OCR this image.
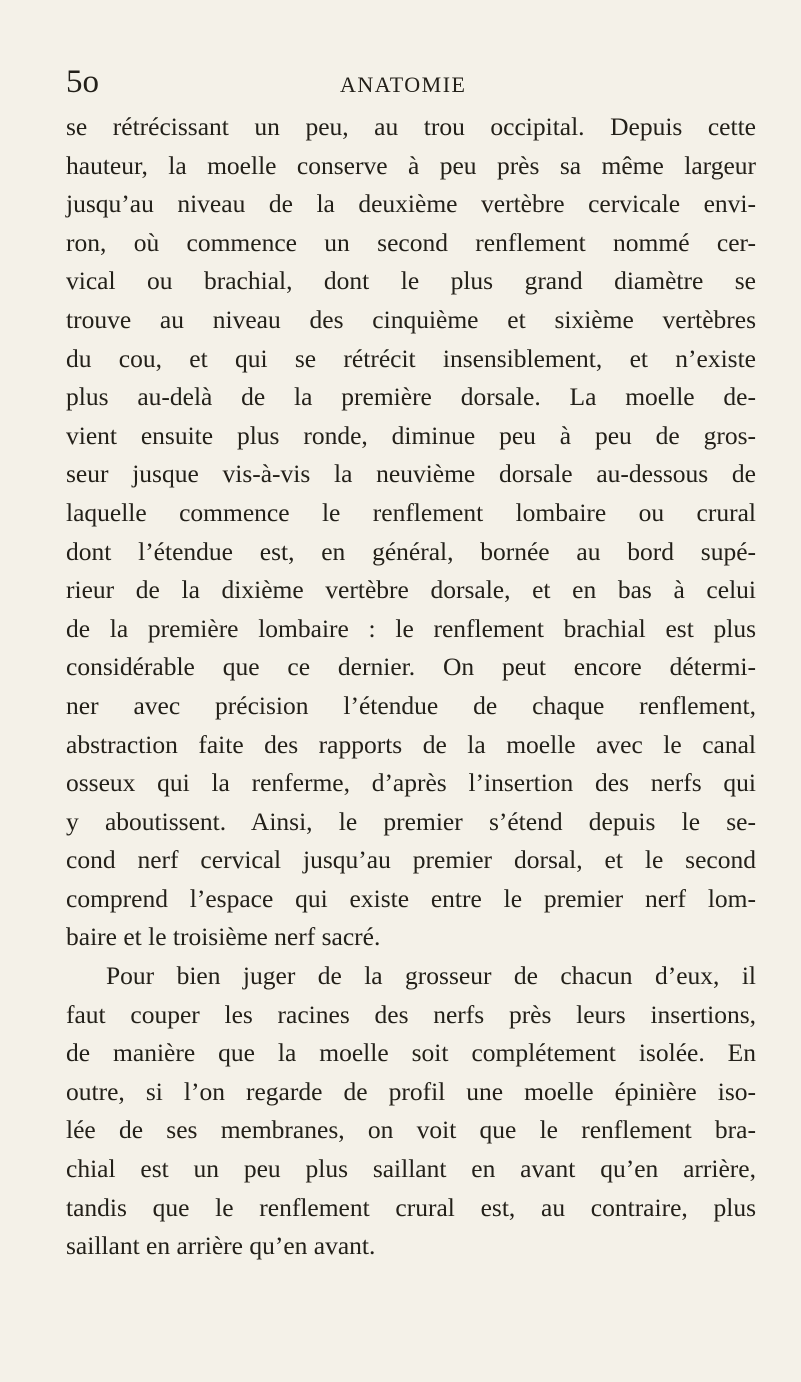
5o	ANATOMIE
se rétrécissant un peu, au trou occipital. Depuis cette
hauteur, la moelle conserve à peu près sa même largeur
jusqu’au niveau de la deuxième vertèbre cervicale envi-
ron, où commence un second renflement nommé cer-
vical ou brachial, dont le plus grand diamètre se
trouve au niveau des cinquième et sixième vertèbres
du cou, et qui se rétrécit insensiblement, et n’existe
plus au-delà de la première dorsale. La moelle de-
vient ensuite plus ronde, diminue peu à peu de gros-
seur jusque vis-à-vis la neuvième dorsale au-dessous de
laquelle commence le renflement lombaire ou crural
dont l’étendue est, en général, bornée au bord supé-
rieur de la dixième vertèbre dorsale, et en bas à celui
de la première lombaire : le renflement brachial est plus
considérable que ce dernier. On peut encore détermi-
ner avec précision l’étendue de chaque renflement,
abstraction faite des rapports de la moelle avec le canal
osseux qui la renferme, d’après l’insertion des nerfs qui
y aboutissent. Ainsi, le premier s’étend depuis le se-
cond nerf cervical jusqu’au premier dorsal, et le second
comprend l’espace qui existe entre le premier nerf lom-
baire et le troisième nerf sacré.
Pour bien juger de la grosseur de chacun d’eux, il
faut couper les racines des nerfs près leurs insertions,
de manière que la moelle soit complétement isolée. En
outre, si l’on regarde de profil une moelle épinière iso-
lée de ses membranes, on voit que le renflement bra-
chial est un peu plus saillant en avant qu’en arrière,
tandis que le renflement crural est, au contraire, plus
saillant en arrière qu’en avant.
